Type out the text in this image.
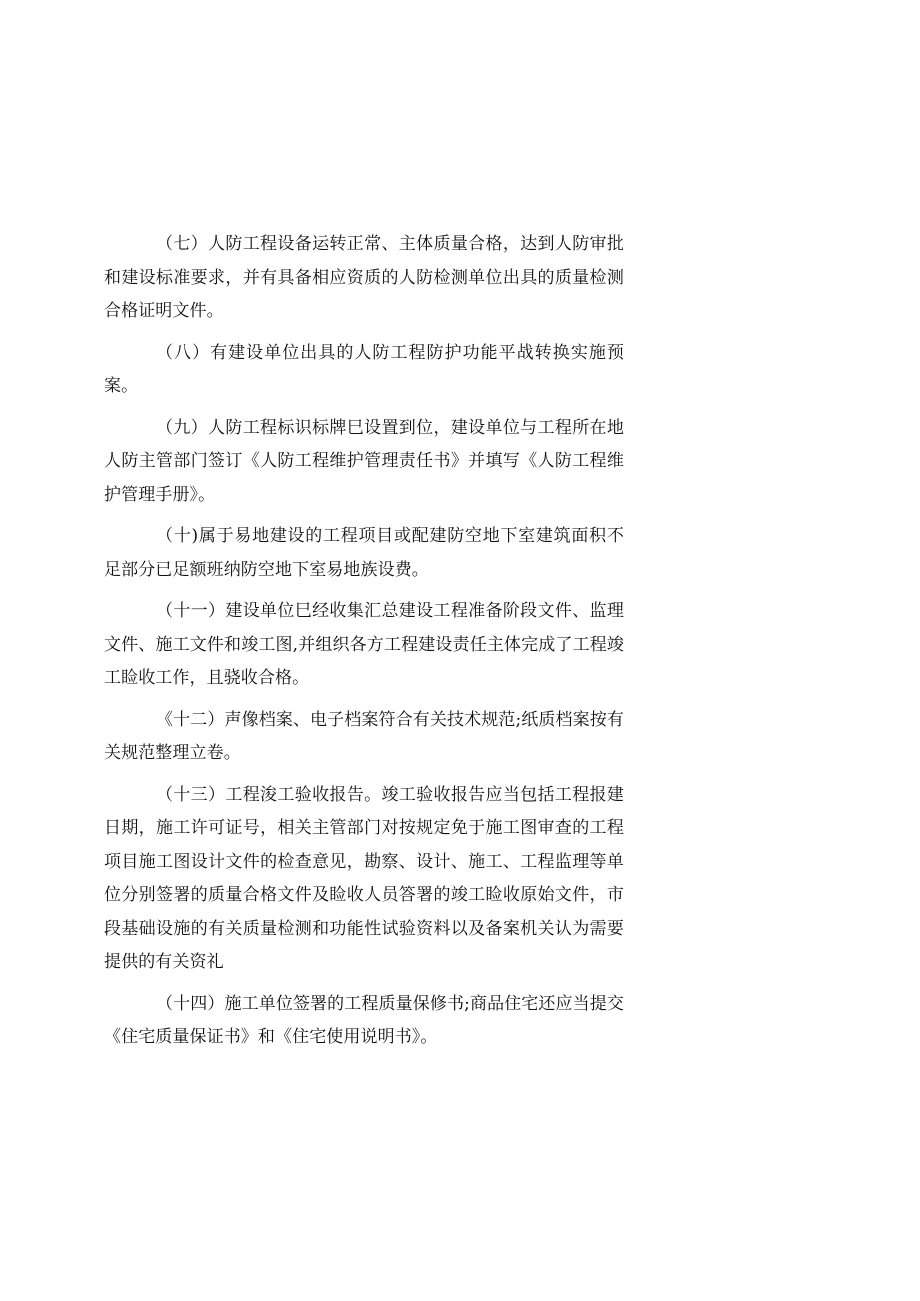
（七）人防工程设备运转正常、主体质量合格，达到人防审批和建设标准要求，并有具备相应资质的人防检测单位出具的质量检测合格证明文件。

（八）有建设单位出具的人防工程防护功能平战转换实施预案。

（九）人防工程标识标牌巳设置到位，建设单位与工程所在地人防主管部门签订《人防工程维护管理责任书》并填写《人防工程维护管理手册》。

（十)属于易地建设的工程项目或配建防空地下室建筑面积不足部分已足额班纳防空地下室易地族设费。

（十一）建设单位巳经收集汇总建设工程准备阶段文件、监理文件、施工文件和竣工图,并组织各方工程建设责任主体完成了工程竣工睑收工作，且骁收合格。

《十二）声像档案、电子档案符合有关技术规范;纸质档案按有关规范整理立卷。

（十三）工程浚工验收报告。竣工验收报告应当包括工程报建日期，施工许可证号，相关主管部门对按规定免于施工图审查的工程项目施工图设计文件的检查意见，勘察、设计、施工、工程监理等单位分别签署的质量合格文件及睑收人员答署的竣工睑收原始文件，市段基础设施的有关质量检测和功能性试验资料以及备案机关认为需要提供的有关资礼

（十四）施工单位签署的工程质量保修书;商品住宅还应当提交《住宅质量保证书》和《住宅使用说明书》。
